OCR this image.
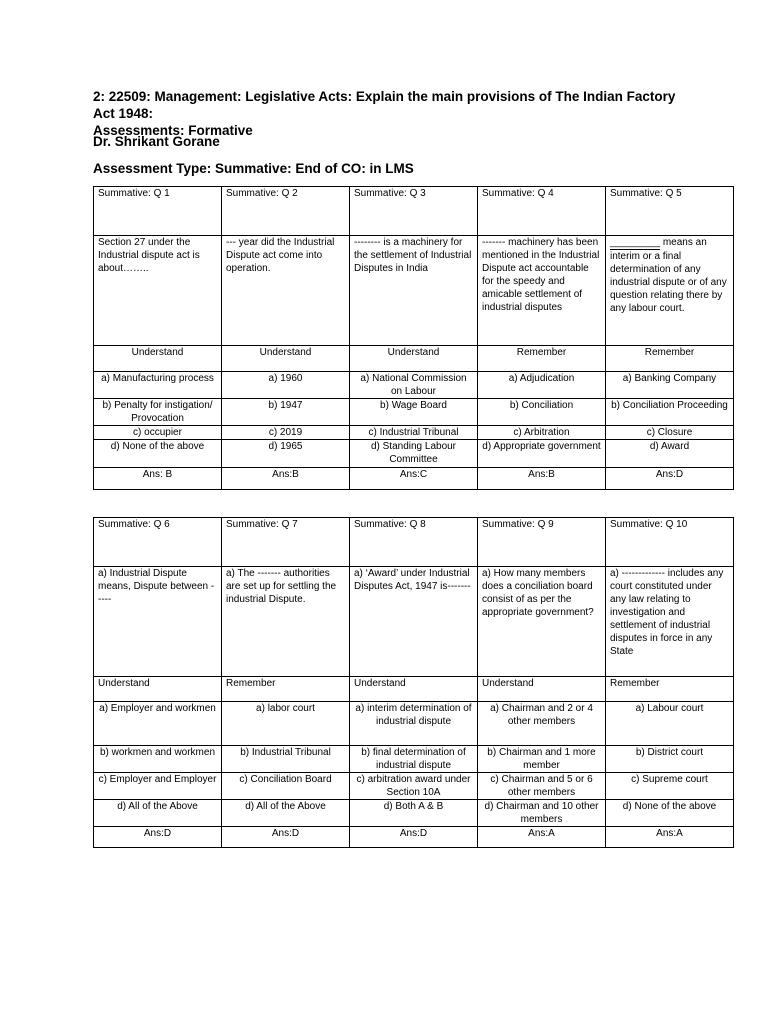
2: 22509: Management: Legislative Acts: Explain the main provisions of The Indian Factory Act 1948:
Assessments: Formative
Dr. Shrikant Gorane
Assessment Type: Summative: End of CO: in LMS
Summative: Q 1	Summative: Q 2	Summative: Q 3	Summative: Q 4	Summative: Q 5
Section 27 under the Industrial dispute act is about……..	--- year did the Industrial Dispute act come into operation.	-------- is a machinery for the settlement of Industrial Disputes in India	------- machinery has been mentioned in the Industrial Dispute act accountable for the speedy and amicable settlement of industrial disputes	_________ means an interim or a final determination of any industrial dispute or of any question relating there by any labour court.
Understand	Understand	Understand	Remember	Remember
a) Manufacturing process	a) 1960	a) National Commission on Labour	a) Adjudication	a) Banking Company
b) Penalty for instigation/ Provocation	b) 1947	b) Wage Board	b) Conciliation	b) Conciliation Proceeding
c) occupier	c) 2019	c) Industrial Tribunal	c) Arbitration	c) Closure
d) None of the above	d) 1965	d) Standing Labour Committee	d) Appropriate government	d) Award
Ans: B	Ans:B	Ans:C	Ans:B	Ans:D
Summative: Q 6	Summative: Q 7	Summative: Q 8	Summative: Q 9	Summative: Q 10
a) Industrial Dispute means, Dispute between -----	a) The ------- authorities are set up for settling the industrial Dispute.	a) ‘Award’ under Industrial Disputes Act, 1947 is-------	a) How many members does a conciliation board consist of as per the appropriate government?	a) ------------- includes any court constituted under any law relating to investigation and settlement of industrial disputes in force in any State
Understand	Remember	Understand	Understand	Remember
a) Employer and workmen	a) labor court	a) interim determination of industrial dispute	a) Chairman and 2 or 4 other members	a) Labour court
b) workmen and workmen	b) Industrial Tribunal	b) final determination of industrial dispute	b) Chairman and 1 more member	b) District court
c) Employer and Employer	c) Conciliation Board	c) arbitration award under Section 10A	c) Chairman and 5 or 6 other members	c) Supreme court
d) All of the Above	d) All of the Above	d) Both A & B	d) Chairman and 10 other members	d) None of the above
Ans:D	Ans:D	Ans:D	Ans:A	Ans:A
